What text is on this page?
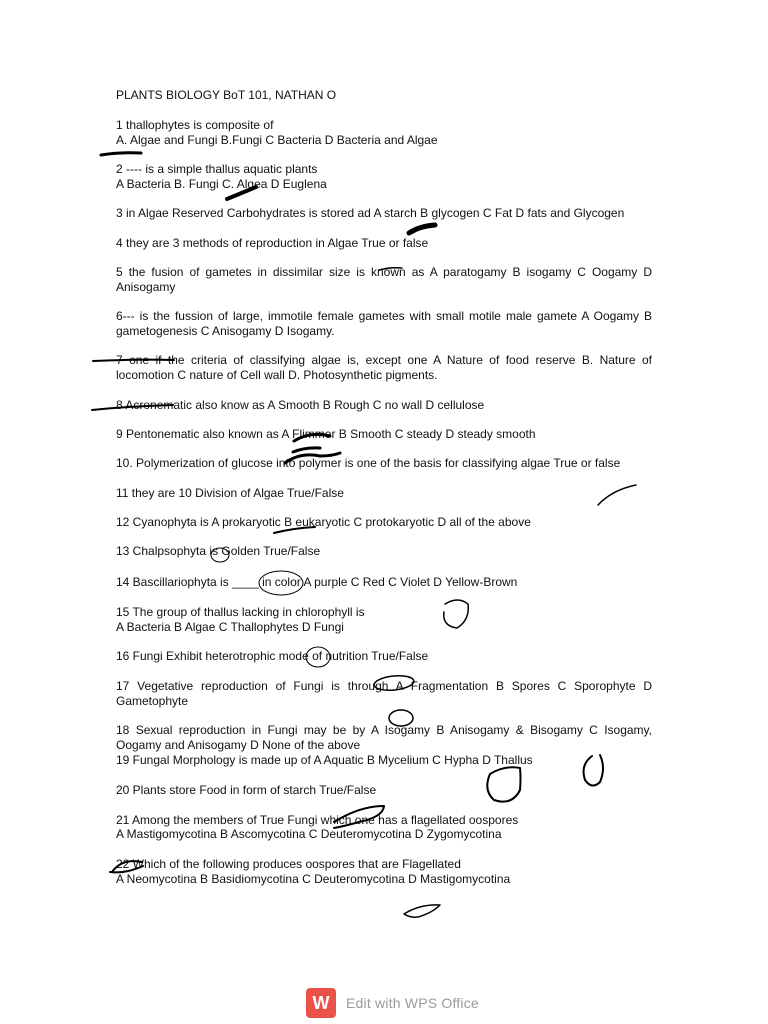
PLANTS BIOLOGY BoT 101, NATHAN O

1 thallophytes is composite of

A. Algae and Fungi B.Fungi C Bacteria D Bacteria and Algae

2 ---- is a simple thallus aquatic plants

A Bacteria B. Fungi C. Algea D Euglena

3 in Algae Reserved Carbohydrates is stored ad A starch B glycogen C Fat D fats and Glycogen

4 they are 3 methods of reproduction in Algae True or false

5 the fusion of gametes in dissimilar size is known as A paratogamy B isogamy C Oogamy D Anisogamy

6--- is the fussion of large, immotile female gametes with small motile male gamete A Oogamy B gametogenesis C Anisogamy D Isogamy.

7 one if the criteria of classifying algae is, except one A Nature of food reserve B. Nature of locomotion C nature of Cell wall D. Photosynthetic pigments.

8 Acronematic also know as A Smooth B Rough C no wall D cellulose

9 Pentonematic also known as A Flimmer B Smooth C steady D steady smooth

10. Polymerization of glucose into polymer is one of the basis for classifying algae True or false

11 they are 10 Division of Algae True/False

12 Cyanophyta is A prokaryotic B eukaryotic C protokaryotic D all of the above

13 Chalpsophyta is Golden True/False

14 Bascillariophyta is ____ in color A purple C Red C Violet D Yellow-Brown

15 The group of thallus lacking in chlorophyll is

A Bacteria B Algae C Thallophytes D Fungi

16 Fungi Exhibit heterotrophic mode of nutrition True/False

17 Vegetative reproduction of Fungi is through A Fragmentation B Spores C Sporophyte D Gametophyte

18 Sexual reproduction in Fungi may be by A Isogamy B Anisogamy & Bisogamy C Isogamy, Oogamy and Anisogamy D None of the above

19 Fungal Morphology is made up of A Aquatic B Mycelium C Hypha D Thallus

20 Plants store Food in form of starch True/False

21 Among the members of True Fungi which one has a flagellated oospores

A Mastigomycotina B Ascomycotina C Deuteromycotina D Zygomycotina

22 Which of the following produces oospores that are Flagellated

A Neomycotina B Basidiomycotina C Deuteromycotina D Mastigomycotina

W	Edit with WPS Office
